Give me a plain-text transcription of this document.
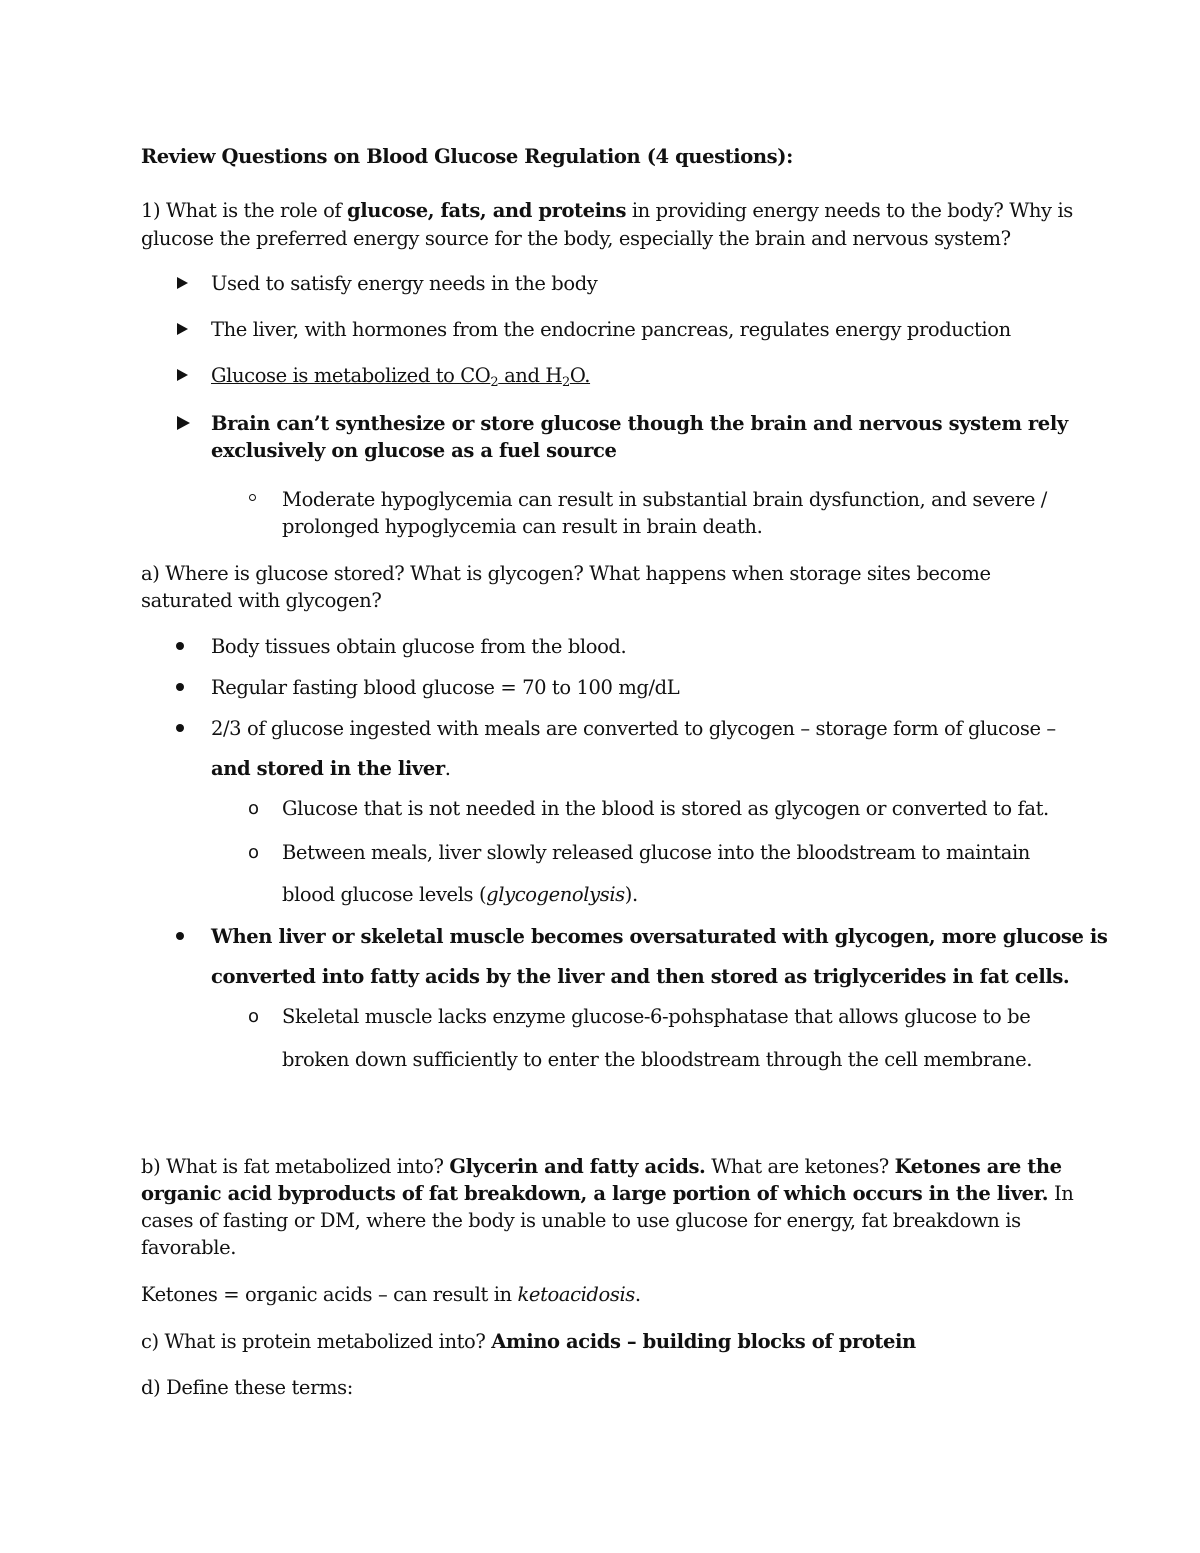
Review Questions on Blood Glucose Regulation (4 questions):
1) What is the role of glucose, fats, and proteins in providing energy needs to the body? Why is
glucose the preferred energy source for the body, especially the brain and nervous system?
Used to satisfy energy needs in the body
The liver, with hormones from the endocrine pancreas, regulates energy production
Glucose is metabolized to $CO_2$ and $H_2O$.
Brain can’t synthesize or store glucose though the brain and nervous system rely
exclusively on glucose as a fuel source
Moderate hypoglycemia can result in substantial brain dysfunction, and severe /
prolonged hypoglycemia can result in brain death.
a) Where is glucose stored? What is glycogen? What happens when storage sites become
saturated with glycogen?
Body tissues obtain glucose from the blood.
Regular fasting blood glucose = 70 to 100 mg/dL
2/3 of glucose ingested with meals are converted to glycogen – storage form of glucose –
and stored in the liver.
o Glucose that is not needed in the blood is stored as glycogen or converted to fat.
o Between meals, liver slowly released glucose into the bloodstream to maintain
blood glucose levels (glycogenolysis).
When liver or skeletal muscle becomes oversaturated with glycogen, more glucose is
converted into fatty acids by the liver and then stored as triglycerides in fat cells.
o Skeletal muscle lacks enzyme glucose-6-pohsphatase that allows glucose to be
broken down sufficiently to enter the bloodstream through the cell membrane.
b) What is fat metabolized into? Glycerin and fatty acids. What are ketones? Ketones are the
organic acid byproducts of fat breakdown, a large portion of which occurs in the liver. In
cases of fasting or DM, where the body is unable to use glucose for energy, fat breakdown is
favorable.
Ketones = organic acids – can result in ketoacidosis.
c) What is protein metabolized into? Amino acids – building blocks of protein
d) Define these terms:
